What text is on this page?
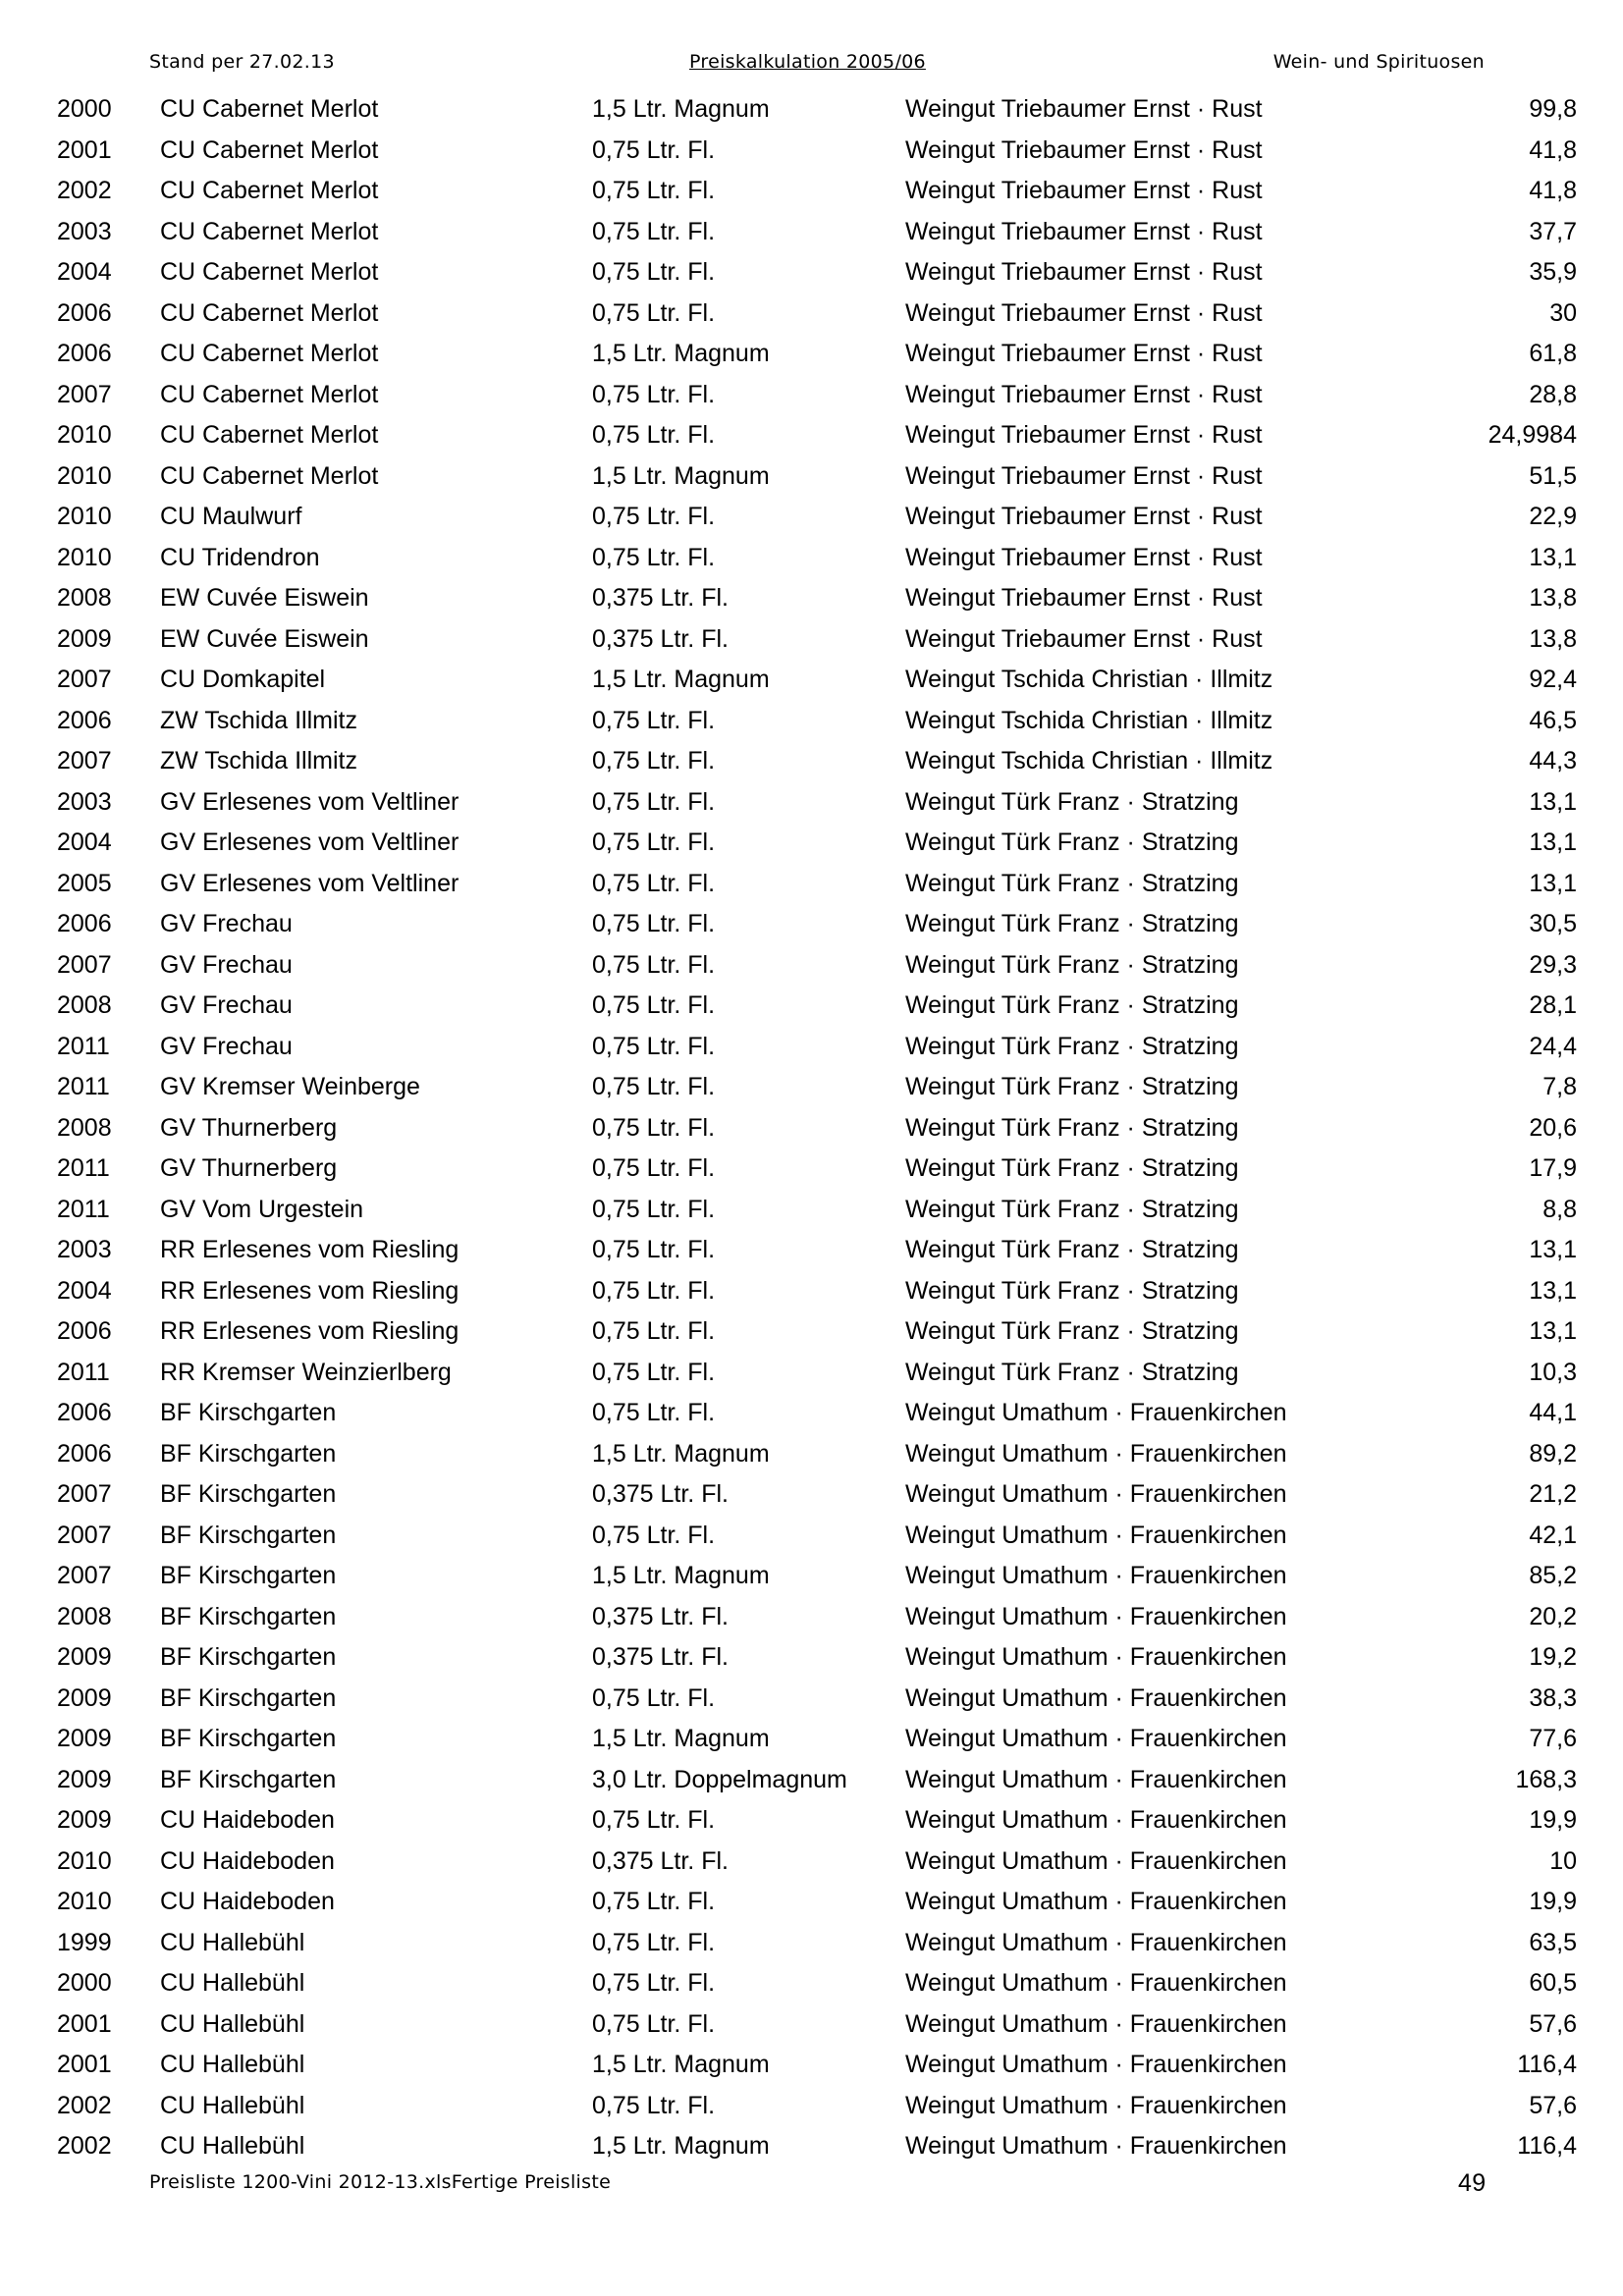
Stand per 27.02.13	Preiskalkulation 2005/06	Wein- und Spirituosen
2000 CU Cabernet Merlot	1,5 Ltr. Magnum	Weingut Triebaumer Ernst · Rust	99,8
2001 CU Cabernet Merlot	0,75 Ltr. Fl.	Weingut Triebaumer Ernst · Rust	41,8
2002 CU Cabernet Merlot	0,75 Ltr. Fl.	Weingut Triebaumer Ernst · Rust	41,8
2003 CU Cabernet Merlot	0,75 Ltr. Fl.	Weingut Triebaumer Ernst · Rust	37,7
2004 CU Cabernet Merlot	0,75 Ltr. Fl.	Weingut Triebaumer Ernst · Rust	35,9
2006 CU Cabernet Merlot	0,75 Ltr. Fl.	Weingut Triebaumer Ernst · Rust	30
2006 CU Cabernet Merlot	1,5 Ltr. Magnum	Weingut Triebaumer Ernst · Rust	61,8
2007 CU Cabernet Merlot	0,75 Ltr. Fl.	Weingut Triebaumer Ernst · Rust	28,8
2010 CU Cabernet Merlot	0,75 Ltr. Fl.	Weingut Triebaumer Ernst · Rust	24,9984
2010 CU Cabernet Merlot	1,5 Ltr. Magnum	Weingut Triebaumer Ernst · Rust	51,5
2010 CU Maulwurf	0,75 Ltr. Fl.	Weingut Triebaumer Ernst · Rust	22,9
2010 CU Tridendron	0,75 Ltr. Fl.	Weingut Triebaumer Ernst · Rust	13,1
2008 EW Cuvée Eiswein	0,375 Ltr. Fl.	Weingut Triebaumer Ernst · Rust	13,8
2009 EW Cuvée Eiswein	0,375 Ltr. Fl.	Weingut Triebaumer Ernst · Rust	13,8
2007 CU Domkapitel	1,5 Ltr. Magnum	Weingut Tschida Christian · Illmitz	92,4
2006 ZW Tschida Illmitz	0,75 Ltr. Fl.	Weingut Tschida Christian · Illmitz	46,5
2007 ZW Tschida Illmitz	0,75 Ltr. Fl.	Weingut Tschida Christian · Illmitz	44,3
2003 GV Erlesenes vom Veltliner	0,75 Ltr. Fl.	Weingut Türk Franz · Stratzing	13,1
2004 GV Erlesenes vom Veltliner	0,75 Ltr. Fl.	Weingut Türk Franz · Stratzing	13,1
2005 GV Erlesenes vom Veltliner	0,75 Ltr. Fl.	Weingut Türk Franz · Stratzing	13,1
2006 GV Frechau	0,75 Ltr. Fl.	Weingut Türk Franz · Stratzing	30,5
2007 GV Frechau	0,75 Ltr. Fl.	Weingut Türk Franz · Stratzing	29,3
2008 GV Frechau	0,75 Ltr. Fl.	Weingut Türk Franz · Stratzing	28,1
2011 GV Frechau	0,75 Ltr. Fl.	Weingut Türk Franz · Stratzing	24,4
2011 GV Kremser Weinberge	0,75 Ltr. Fl.	Weingut Türk Franz · Stratzing	7,8
2008 GV Thurnerberg	0,75 Ltr. Fl.	Weingut Türk Franz · Stratzing	20,6
2011 GV Thurnerberg	0,75 Ltr. Fl.	Weingut Türk Franz · Stratzing	17,9
2011 GV Vom Urgestein	0,75 Ltr. Fl.	Weingut Türk Franz · Stratzing	8,8
2003 RR Erlesenes vom Riesling	0,75 Ltr. Fl.	Weingut Türk Franz · Stratzing	13,1
2004 RR Erlesenes vom Riesling	0,75 Ltr. Fl.	Weingut Türk Franz · Stratzing	13,1
2006 RR Erlesenes vom Riesling	0,75 Ltr. Fl.	Weingut Türk Franz · Stratzing	13,1
2011 RR Kremser Weinzierlberg	0,75 Ltr. Fl.	Weingut Türk Franz · Stratzing	10,3
2006 BF Kirschgarten	0,75 Ltr. Fl.	Weingut Umathum · Frauenkirchen	44,1
2006 BF Kirschgarten	1,5 Ltr. Magnum	Weingut Umathum · Frauenkirchen	89,2
2007 BF Kirschgarten	0,375 Ltr. Fl.	Weingut Umathum · Frauenkirchen	21,2
2007 BF Kirschgarten	0,75 Ltr. Fl.	Weingut Umathum · Frauenkirchen	42,1
2007 BF Kirschgarten	1,5 Ltr. Magnum	Weingut Umathum · Frauenkirchen	85,2
2008 BF Kirschgarten	0,375 Ltr. Fl.	Weingut Umathum · Frauenkirchen	20,2
2009 BF Kirschgarten	0,375 Ltr. Fl.	Weingut Umathum · Frauenkirchen	19,2
2009 BF Kirschgarten	0,75 Ltr. Fl.	Weingut Umathum · Frauenkirchen	38,3
2009 BF Kirschgarten	1,5 Ltr. Magnum	Weingut Umathum · Frauenkirchen	77,6
2009 BF Kirschgarten	3,0 Ltr. Doppelmagnum Weingut Umathum · Frauenkirchen	168,3
2009 CU Haideboden	0,75 Ltr. Fl.	Weingut Umathum · Frauenkirchen	19,9
2010 CU Haideboden	0,375 Ltr. Fl.	Weingut Umathum · Frauenkirchen	10
2010 CU Haideboden	0,75 Ltr. Fl.	Weingut Umathum · Frauenkirchen	19,9
1999 CU Hallebühl	0,75 Ltr. Fl.	Weingut Umathum · Frauenkirchen	63,5
2000 CU Hallebühl	0,75 Ltr. Fl.	Weingut Umathum · Frauenkirchen	60,5
2001 CU Hallebühl	0,75 Ltr. Fl.	Weingut Umathum · Frauenkirchen	57,6
2001 CU Hallebühl	1,5 Ltr. Magnum	Weingut Umathum · Frauenkirchen	116,4
2002 CU Hallebühl	0,75 Ltr. Fl.	Weingut Umathum · Frauenkirchen	57,6
2002 CU Hallebühl	1,5 Ltr. Magnum	Weingut Umathum · Frauenkirchen	116,4
Preisliste 1200-Vini 2012-13.xlsFertige Preisliste	49
